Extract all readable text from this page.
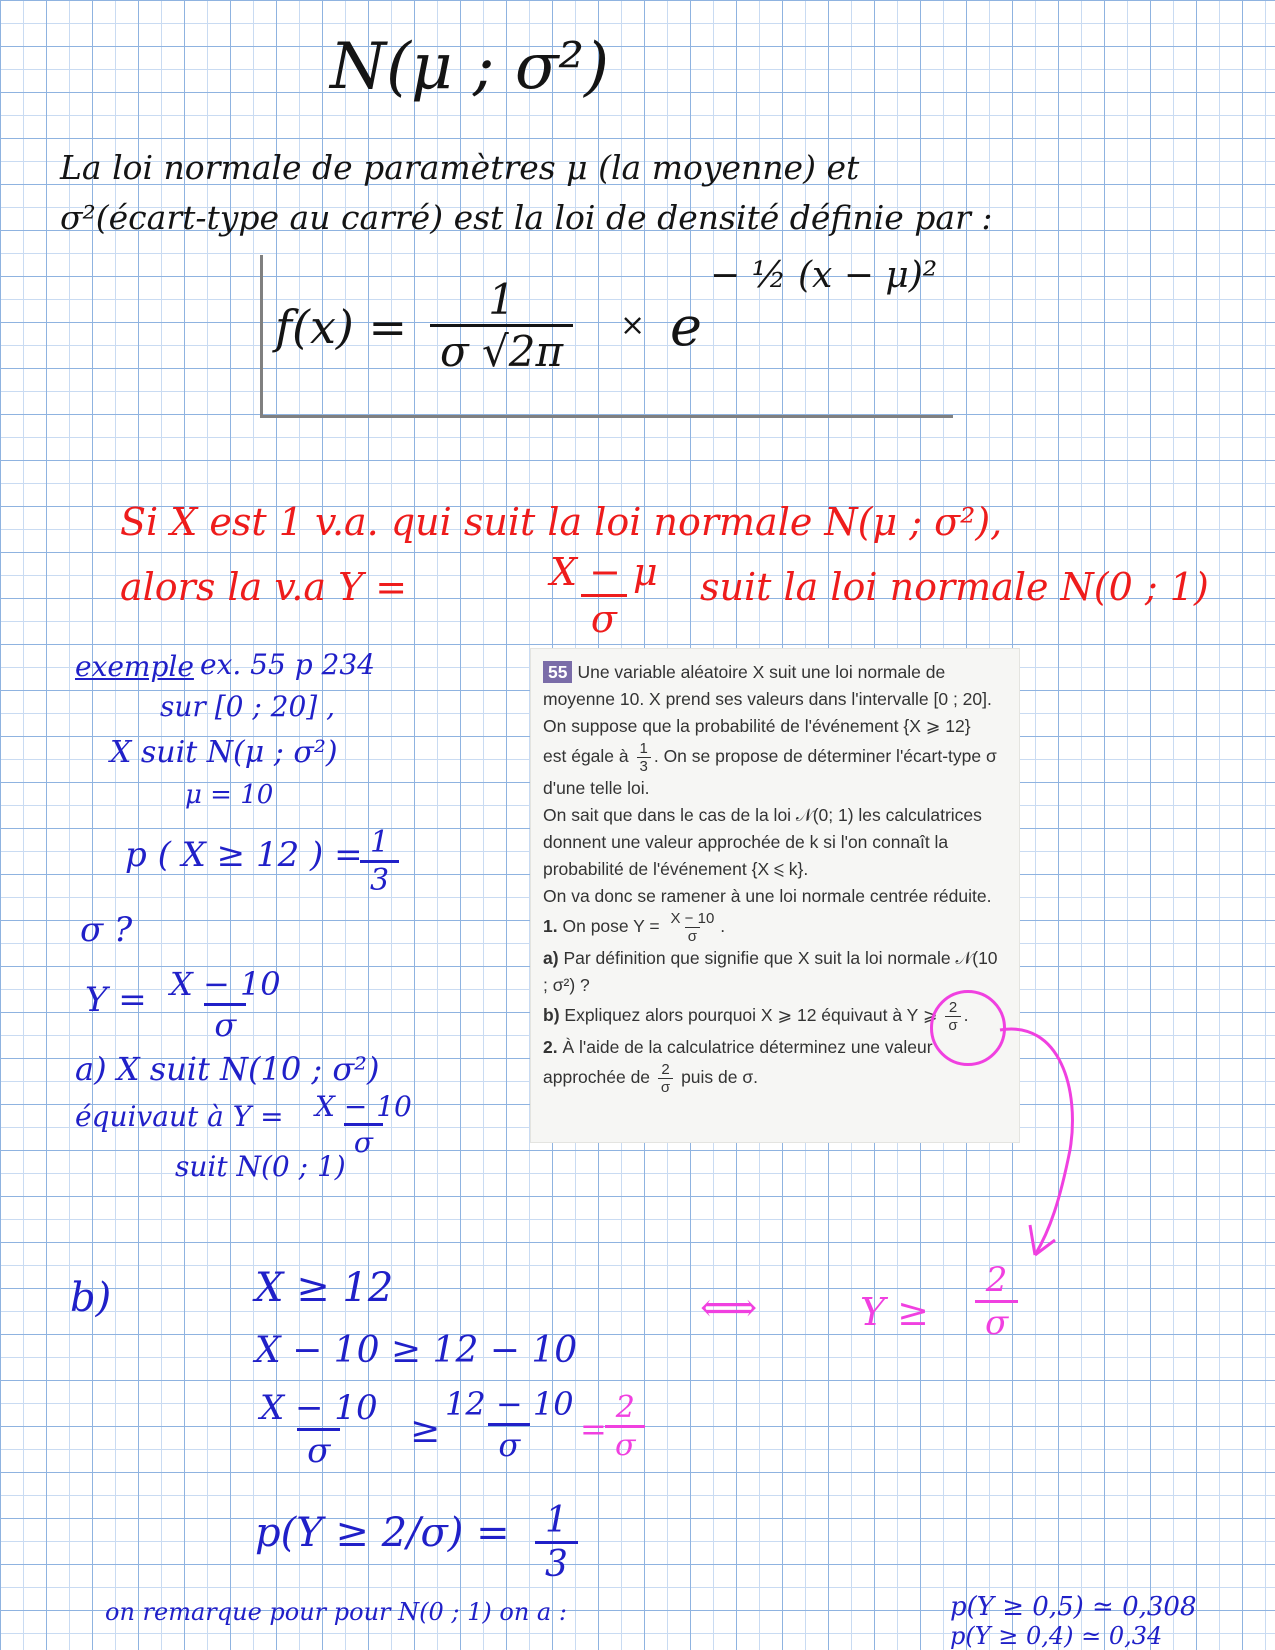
N(μ ; σ²)
La loi normale de paramètres μ (la moyenne) et
σ²(écart-type au carré) est la loi de densité définie par :
$f(x) = \frac{1}{\sigma √2\pi} \times e$
− ½ (x − μ)²
Si X est 1 v.a. qui suit la loi normale N(μ ; σ²),
alors la v.a Y =	$\frac{X - \mu}{\sigma}$ suit la loi normale N(0 ; 1)
exemple ex. 55 p 234
sur [0 ; 20] ,
X suit N(μ ; σ²)
μ = 10
p ( X ≥ 12 ) =
$\frac{1}{3}$
σ ?
$Y = \frac{X - 10}{\sigma}$
a) X suit N(10 ; σ²)
équivaut à $Y = \frac{X - 10}{\sigma}$
suit N(0 ; 1)

55 Une variable aléatoire X suit une loi normale de moyenne 10. X prend ses valeurs dans l'intervalle [0 ; 20]. On suppose que la probabilité de l'événement {X ⩾ 12}

est égale à $\frac{1}{3}$ . On se propose de déterminer l'écart-type σ d'une telle loi.

On sait que dans le cas de la loi 𝒩(0; 1) les calculatrices donnent une valeur approchée de k si l'on connaît la probabilité de l'événement {X ⩽ k}.

On va donc se ramener à une loi normale centrée réduite.

1. On pose $Y = \frac{X - 10}{\sigma}$ .

a) Par définition que signifie que X suit la loi normale 𝒩(10 ; σ²) ?

b) Expliquez alors pourquoi X ⩾ 12 équivaut à Y ⩾ $\frac{2}{\sigma}$ .

2. À l'aide de la calculatrice déterminez une valeur

approchée de $\frac{2}{\sigma}$ puis de σ.

b)	X ≥ 12	⟺	$Y \ge \frac{2}{\sigma}$
X − 10 ≥ 12 − 10
$\frac{X - 10}{\sigma}$ ≥
$\frac{12 - 10}{\sigma}$
=
$\frac{2}{\sigma}$
$p(Y \ge 2/\sigma) = \frac{1}{3}$
on remarque pour pour N(0 ; 1) on a :	p(Y ≥ 0,5) ≃ 0,308
p(Y ≥ 0,4) ≃ 0,34
